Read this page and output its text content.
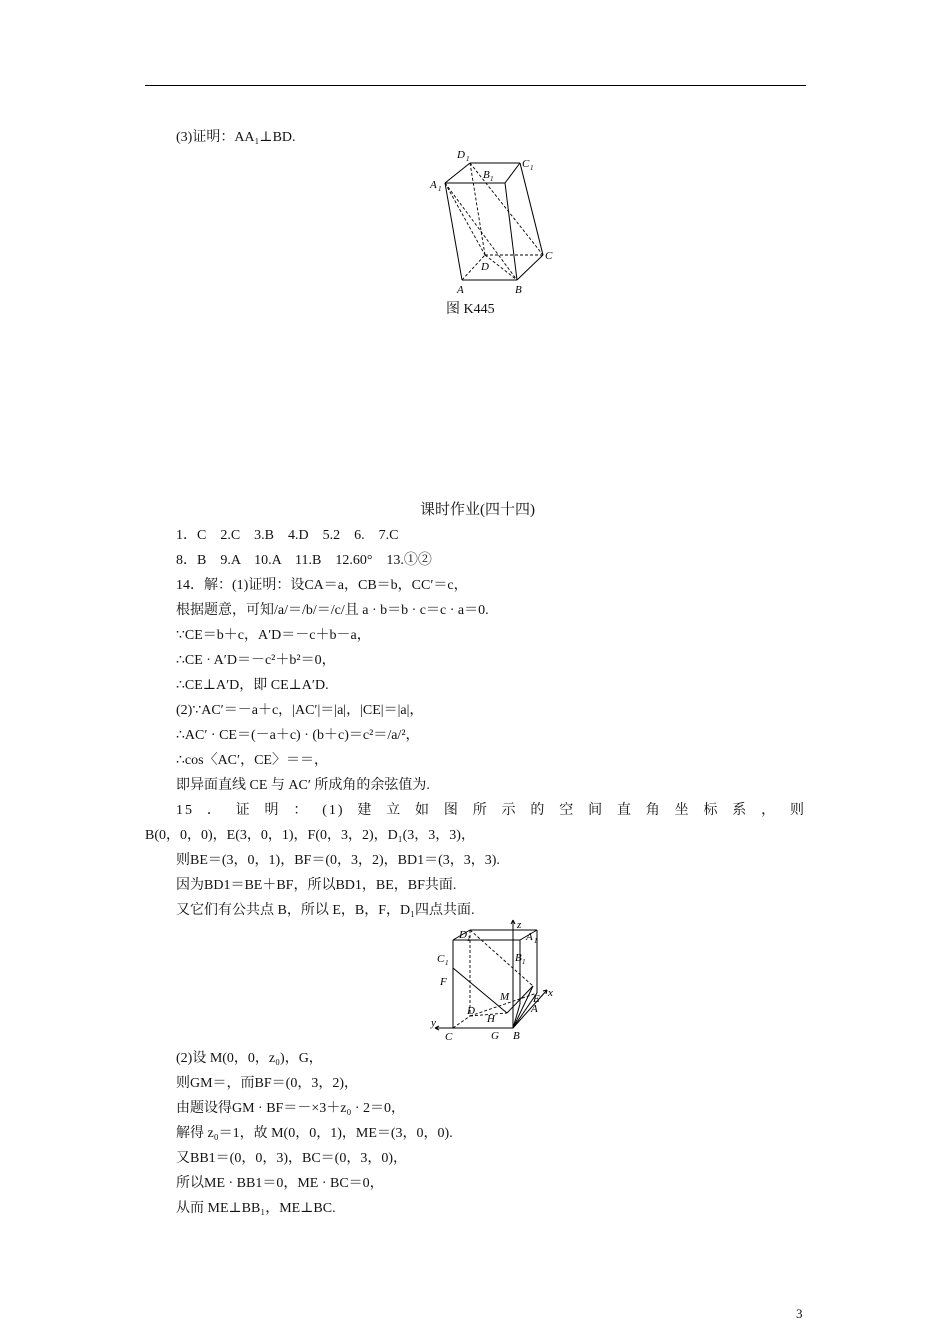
(3)证明：AA₁⊥BD.
D 1	C 1
B 1
A 1
D
C
A	B
图 K445
课时作业(四十四)
1．C　2.C　3.B　4.D　5.2　6.　7.C
8．B　9.A　10.A　11.B　12.60°　13.①②
14．解：(1)证明：设CA＝a，CB＝b，CC′＝c，
根据题意，可知/a/＝/b/＝/c/且 a · b＝b · c＝c · a＝0.
∵CE＝b＋c，A′D＝－c＋b－a，
∴CE · A′D＝－c²＋b²＝0，
∴CE⊥A′D，即 CE⊥A′D.
(2)∵AC′＝－a＋c，|AC′|＝|a|，|CE|＝|a|，
∴AC′ · CE＝(－a＋c) · (b＋c)＝c²＝/a/²，
∴cos〈AC′，CE〉＝＝，
即异面直线 CE 与 AC′ 所成角的余弦值为.
15．证明：(1)建立如图所示的空间直角坐标系，则
B(0，0，0)，E(3，0，1)，F(0，3，2)，D₁(3，3，3)，
则BE＝(3，0，1)，BF＝(0，3，2)，BD1＝(3，3，3).
因为BD1＝BE＋BF，所以BD1，BE，BF共面.
又它们有公共点 B，所以 E，B，F，D₁四点共面.
D 1	A 1
C 1	B 1
F
E
M
D
H
A
C	G B
x
y
z
(2)设 M(0，0，z₀)，G，
则GM＝，而BF＝(0，3，2)，
由题设得GM · BF＝－×3＋z₀ · 2＝0，
解得 z₀＝1，故 M(0，0，1)，ME＝(3，0，0).
又BB1＝(0，0，3)，BC＝(0，3，0)，
所以ME · BB1＝0，ME · BC＝0，
从而 ME⊥BB₁，ME⊥BC.
3
